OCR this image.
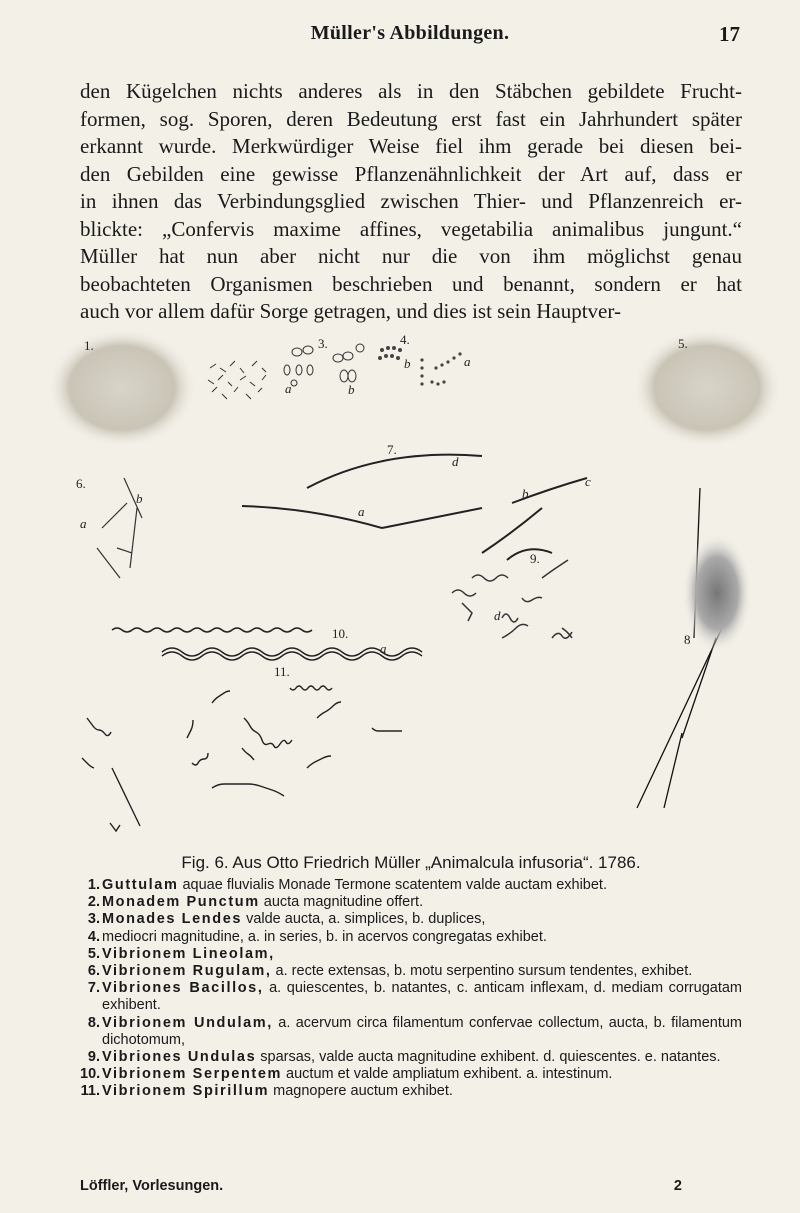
Müller's Abbildungen.	17
den Kügelchen nichts anderes als in den Stäbchen gebildete Frucht-
formen, sog. Sporen, deren Bedeutung erst fast ein Jahrhundert später
erkannt wurde. Merkwürdiger Weise fiel ihm gerade bei diesen bei-
den Gebilden eine gewisse Pflanzenähnlichkeit der Art auf, dass er
in ihnen das Verbindungsglied zwischen Thier- und Pflanzenreich er-
blickte: „Confervis maxime affines, vegetabilia animalibus jungunt.“
Müller hat nun aber nicht nur die von ihm möglichst genau
beobachteten Organismen beschrieben und benannt, sondern er hat
auch vor allem dafür Sorge getragen, und dies ist sein Hauptver-
1.	5.
3.
a	b
4.
b	a
6.
a
b
7.
d
b
c
a
9.
d
10.
a
11.
8
Fig. 6. Aus Otto Friedrich Müller „Animalcula infusoria“. 1786.
1. Guttulam aquae fluvialis Monade Termone scatentem valde auctam exhibet.
2. Monadem Punctum aucta magnitudine offert.
3. Monades Lendes valde aucta, a. simplices, b. duplices,
4. mediocri magnitudine, a. in series, b. in acervos congregatas exhibet.
5. Vibrionem Lineolam,
6. Vibrionem Rugulam, a. recte extensas, b. motu serpentino sursum tendentes, exhibet.
7. Vibriones Bacillos, a. quiescentes, b. natantes, c. anticam inflexam, d. mediam corrugatam exhibent.
8. Vibrionem Undulam, a. acervum circa filamentum confervae collectum, aucta, b. filamentum dichotomum,
9. Vibriones Undulas sparsas, valde aucta magnitudine exhibent. d. quiescentes. e. natantes.
10. Vibrionem Serpentem auctum et valde ampliatum exhibent. a. intestinum.
11. Vibrionem Spirillum magnopere auctum exhibet.
Löffler, Vorlesungen.	2
